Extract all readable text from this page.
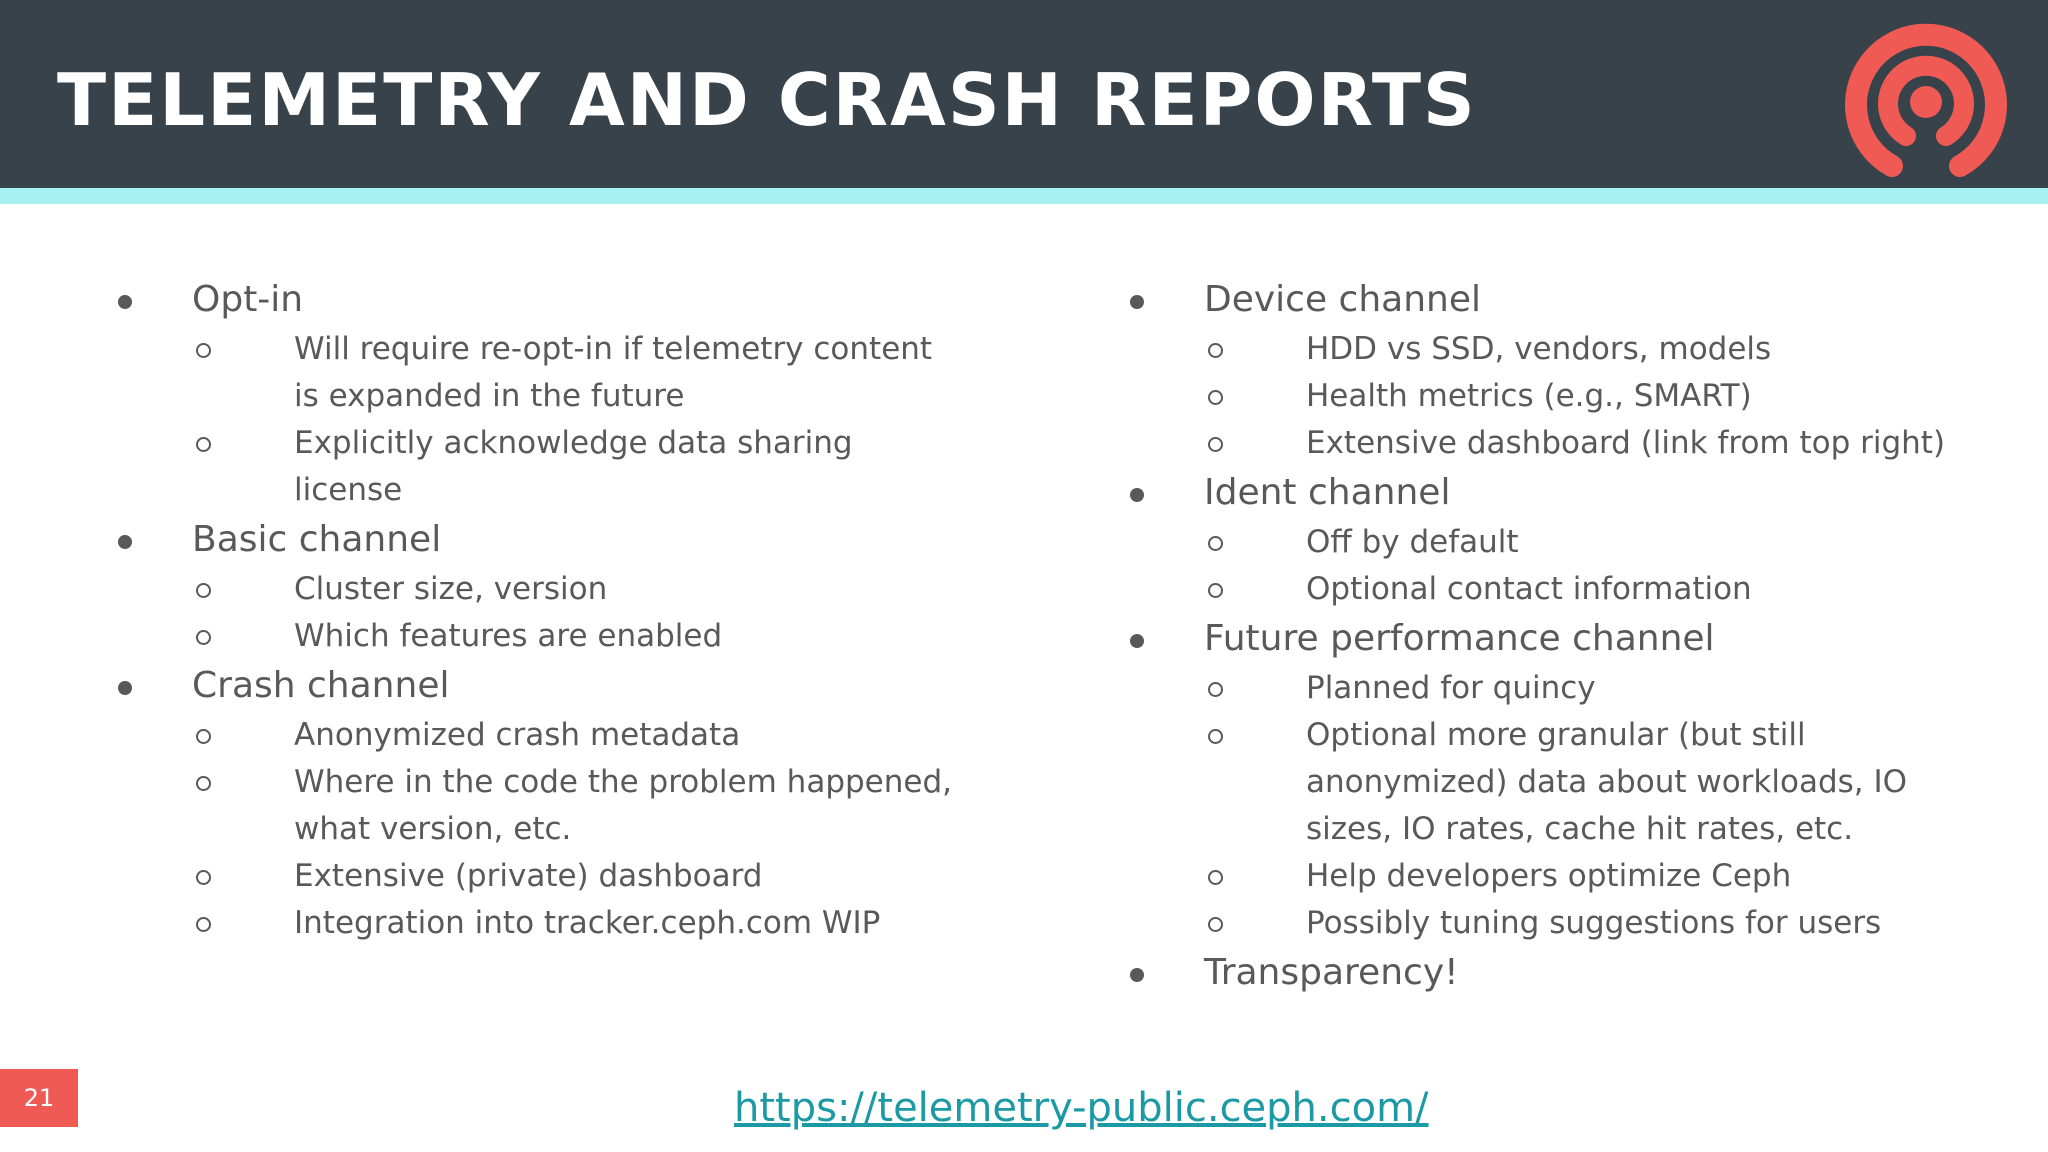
TELEMETRY AND CRASH REPORTS
Opt-in
Will require re-opt-in if telemetry content
is expanded in the future
Explicitly acknowledge data sharing
license
Basic channel
Cluster size, version
Which features are enabled
Crash channel
Anonymized crash metadata
Where in the code the problem happened,
what version, etc.
Extensive (private) dashboard
Integration into tracker.ceph.com WIP
Device channel
HDD vs SSD, vendors, models
Health metrics (e.g., SMART)
Extensive dashboard (link from top right)
Ident channel
Off by default
Optional contact information
Future performance channel
Planned for quincy
Optional more granular (but still
anonymized) data about workloads, IO
sizes, IO rates, cache hit rates, etc.
Help developers optimize Ceph
Possibly tuning suggestions for users
Transparency!
21	https://telemetry-public.ceph.com/
